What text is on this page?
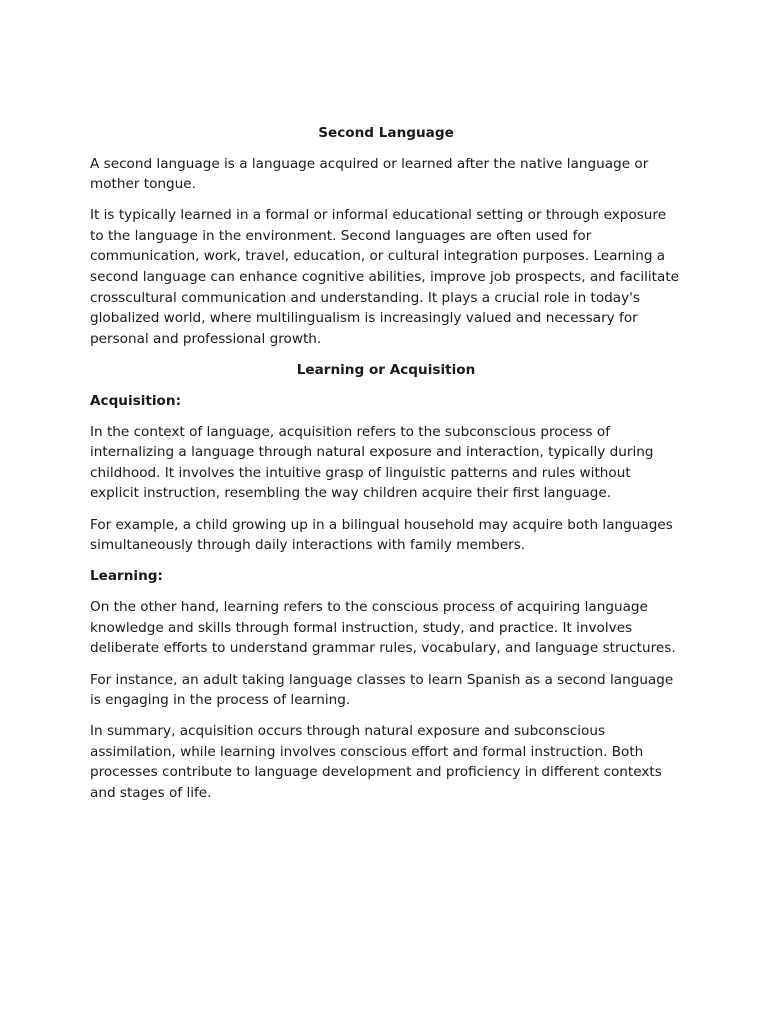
Second Language

A second language is a language acquired or learned after the native language or mother tongue.

It is typically learned in a formal or informal educational setting or through exposure to the language in the environment. Second languages are often used for communication, work, travel, education, or cultural integration purposes. Learning a second language can enhance cognitive abilities, improve job prospects, and facilitate crosscultural communication and understanding. It plays a crucial role in today's globalized world, where multilingualism is increasingly valued and necessary for personal and professional growth.

Learning or Acquisition

Acquisition:

In the context of language, acquisition refers to the subconscious process of internalizing a language through natural exposure and interaction, typically during childhood. It involves the intuitive grasp of linguistic patterns and rules without explicit instruction, resembling the way children acquire their first language.

For example, a child growing up in a bilingual household may acquire both languages simultaneously through daily interactions with family members.

Learning:

On the other hand, learning refers to the conscious process of acquiring language knowledge and skills through formal instruction, study, and practice. It involves deliberate efforts to understand grammar rules, vocabulary, and language structures.

For instance, an adult taking language classes to learn Spanish as a second language is engaging in the process of learning.

In summary, acquisition occurs through natural exposure and subconscious assimilation, while learning involves conscious effort and formal instruction. Both processes contribute to language development and proficiency in different contexts and stages of life.
